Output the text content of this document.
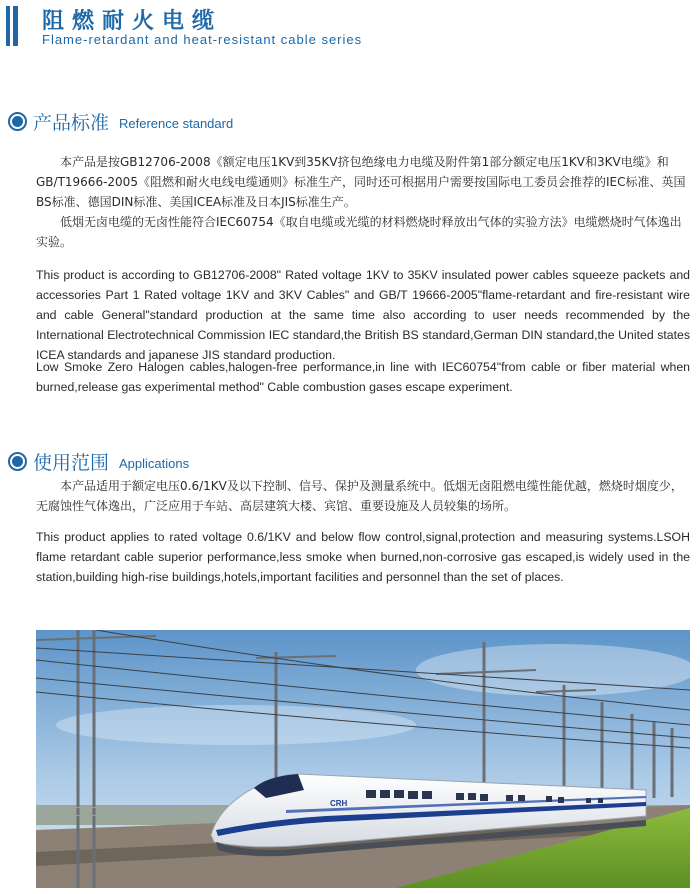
阻燃耐火电缆
Flame-retardant and heat-resistant cable series
产品标准 Reference standard
本产品是按GB12706-2008《额定电压1KV到35KV挤包绝缘电力电缆及附件第1部分额定电压1KV和3KV电缆》和GB/T19666-2005《阻燃和耐火电线电缆通则》标准生产，同时还可根据用户需要按国际电工委员会推荐的IEC标准、英国BS标准、德国DIN标准、美国ICEA标准及日本JIS标准生产。
低烟无卤电缆的无卤性能符合IEC60754《取自电缆或光缆的材料燃烧时释放出气体的实验方法》电缆燃烧时气体逸出实验。
This product is according to GB12706-2008" Rated voltage 1KV to 35KV insulated power cables squeeze packets and accessories Part 1 Rated voltage 1KV and 3KV Cables" and GB/T 19666-2005"flame-retardant and fire-resistant wire and cable General"standard production at the same time also according to user needs recommended by the International Electrotechnical Commission IEC standard,the British BS standard,German DIN standard,the United states ICEA standards and japanese JIS standard production.
Low Smoke Zero Halogen cables,halogen-free performance,in line with IEC60754"from cable or fiber material when burned,release gas experimental method" Cable combustion gases escape experiment.
使用范围 Applications
本产品适用于额定电压0.6/1KV及以下控制、信号、保护及测量系统中。低烟无卤阻燃电缆性能优越，燃烧时烟度少，无腐蚀性气体逸出，广泛应用于车站、高层建筑大楼、宾馆、重要设施及人员较集的场所。
This product applies to rated voltage 0.6/1KV and below flow control,signal,protection and measuring systems.LSOH flame retardant cable superior performance,less smoke when burned,non-corrosive gas escaped,is widely used in the station,building high-rise buildings,hotels,important facilities and personnel than the set of places.
CRH
